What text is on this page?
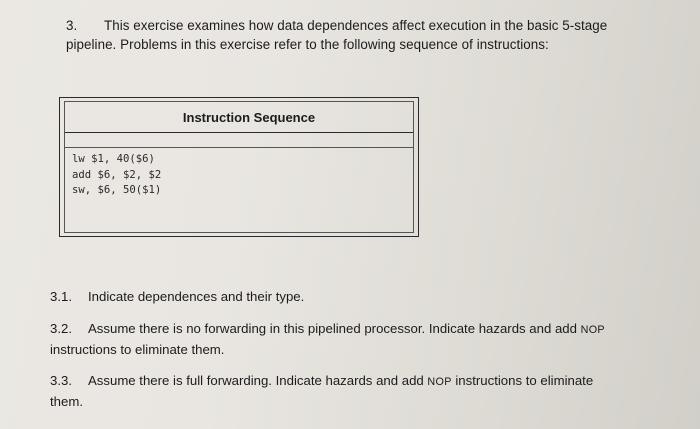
3. This exercise examines how data dependences affect execution in the basic 5-stage
pipeline. Problems in this exercise refer to the following sequence of instructions:
Instruction Sequence
lw $1, 40($6)
add $6, $2, $2
sw, $6, 50($1)
3.1. Indicate dependences and their type.
3.2. Assume there is no forwarding in this pipelined processor. Indicate hazards and add NOP
instructions to eliminate them.
3.3. Assume there is full forwarding. Indicate hazards and add NOP instructions to eliminate
them.
